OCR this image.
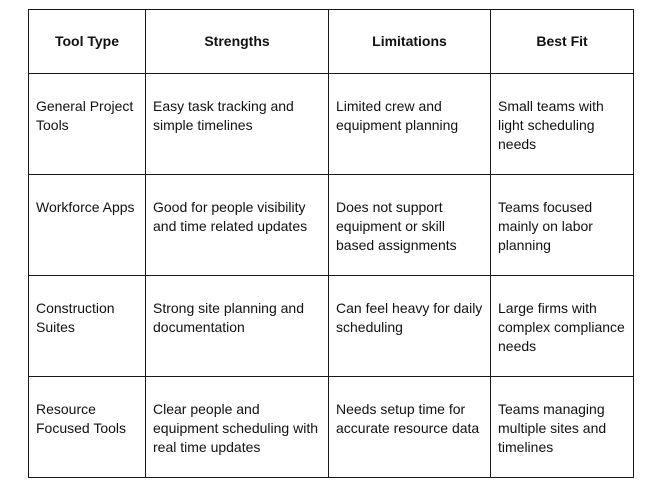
Tool Type	Strengths	Limitations	Best Fit
General Project Tools	Easy task tracking and simple timelines	Limited crew and equipment planning	Small teams with light scheduling needs
Workforce Apps	Good for people visibility and time related updates	Does not support equipment or skill based assignments	Teams focused mainly on labor planning
Construction Suites	Strong site planning and documentation	Can feel heavy for daily scheduling	Large firms with complex compliance needs
Resource Focused Tools	Clear people and equipment scheduling with real time updates	Needs setup time for accurate resource data	Teams managing multiple sites and timelines
